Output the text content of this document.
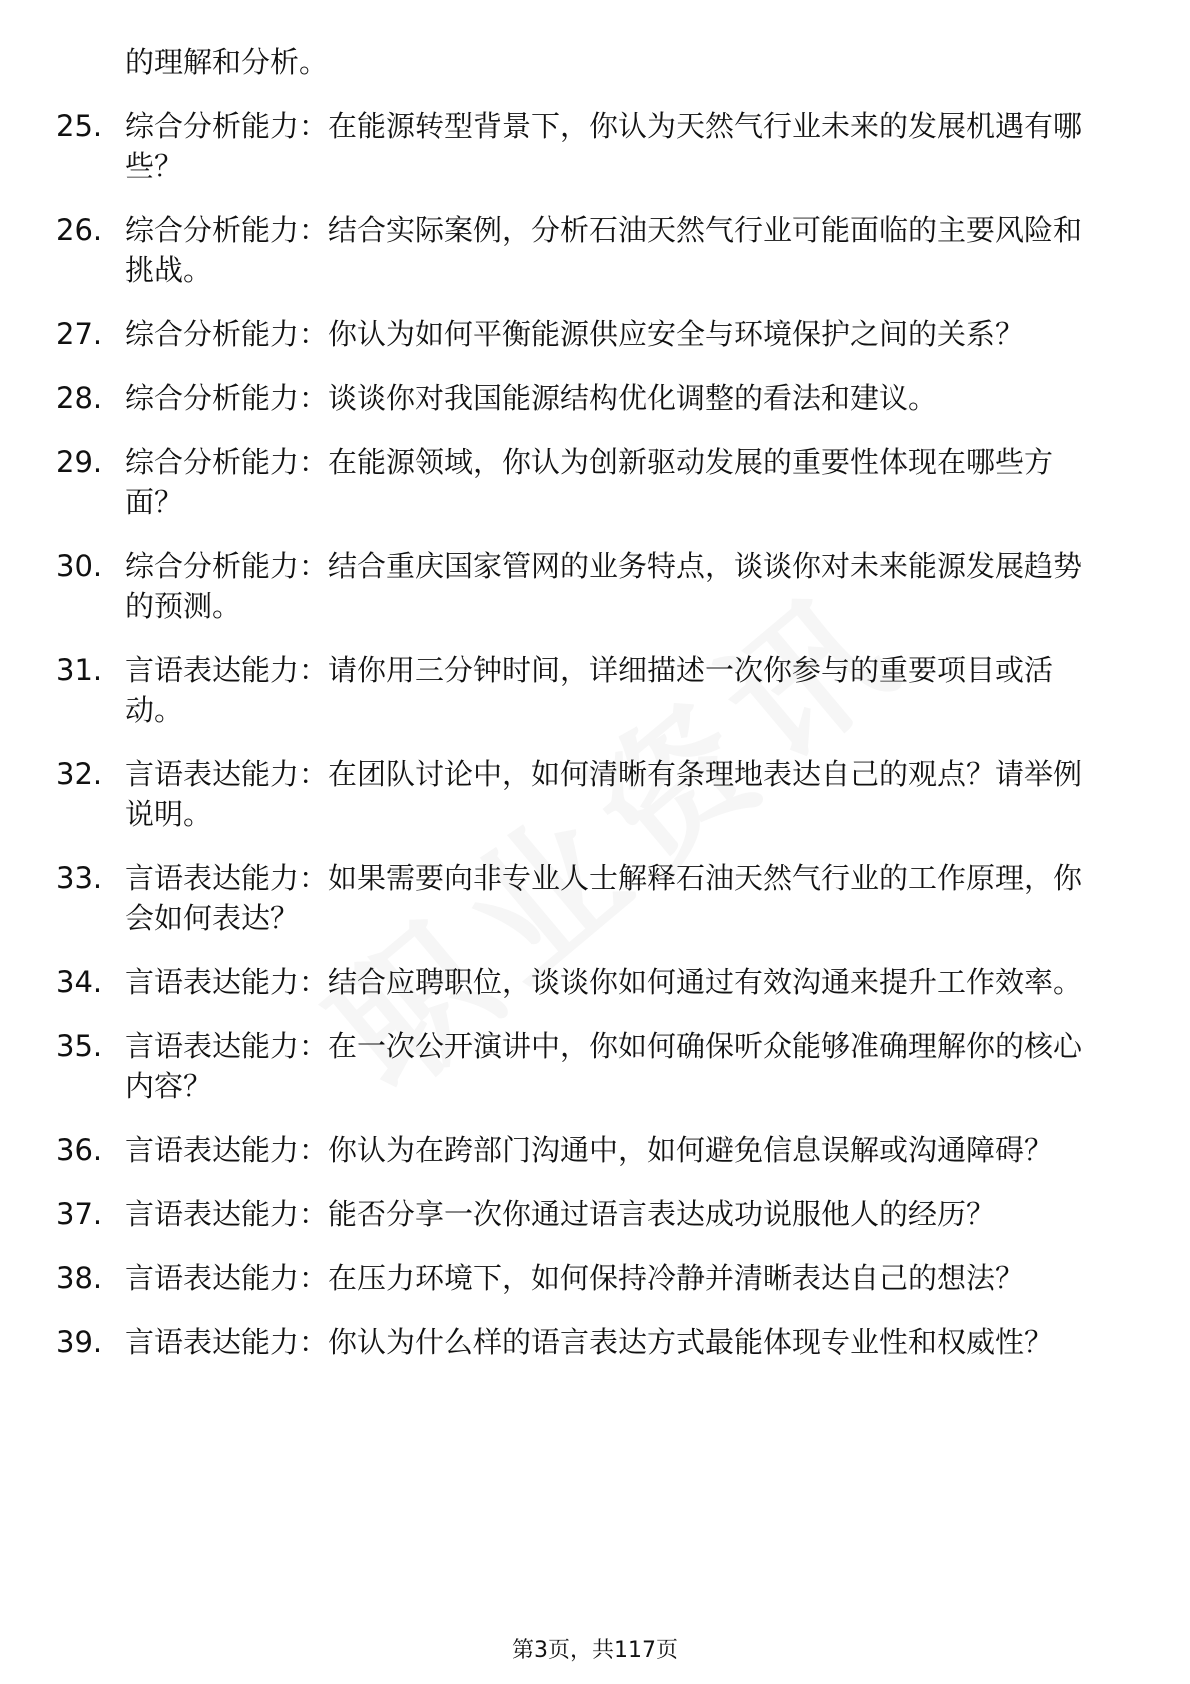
的理解和分析。
25. 综合分析能力：在能源转型背景下，你认为天然气行业未来的发展机遇有哪些？
26. 综合分析能力：结合实际案例，分析石油天然气行业可能面临的主要风险和挑战。
27. 综合分析能力：你认为如何平衡能源供应安全与环境保护之间的关系？
28. 综合分析能力：谈谈你对我国能源结构优化调整的看法和建议。
29. 综合分析能力：在能源领域，你认为创新驱动发展的重要性体现在哪些方面？
30. 综合分析能力：结合重庆国家管网的业务特点，谈谈你对未来能源发展趋势的预测。
31. 言语表达能力：请你用三分钟时间，详细描述一次你参与的重要项目或活动。
32. 言语表达能力：在团队讨论中，如何清晰有条理地表达自己的观点？请举例说明。
33. 言语表达能力：如果需要向非专业人士解释石油天然气行业的工作原理，你会如何表达？
34. 言语表达能力：结合应聘职位，谈谈你如何通过有效沟通来提升工作效率。
35. 言语表达能力：在一次公开演讲中，你如何确保听众能够准确理解你的核心内容？
36. 言语表达能力：你认为在跨部门沟通中，如何避免信息误解或沟通障碍？
37. 言语表达能力：能否分享一次你通过语言表达成功说服他人的经历？
38. 言语表达能力：在压力环境下，如何保持冷静并清晰表达自己的想法？
39. 言语表达能力：你认为什么样的语言表达方式最能体现专业性和权威性？
第3页，共117页
